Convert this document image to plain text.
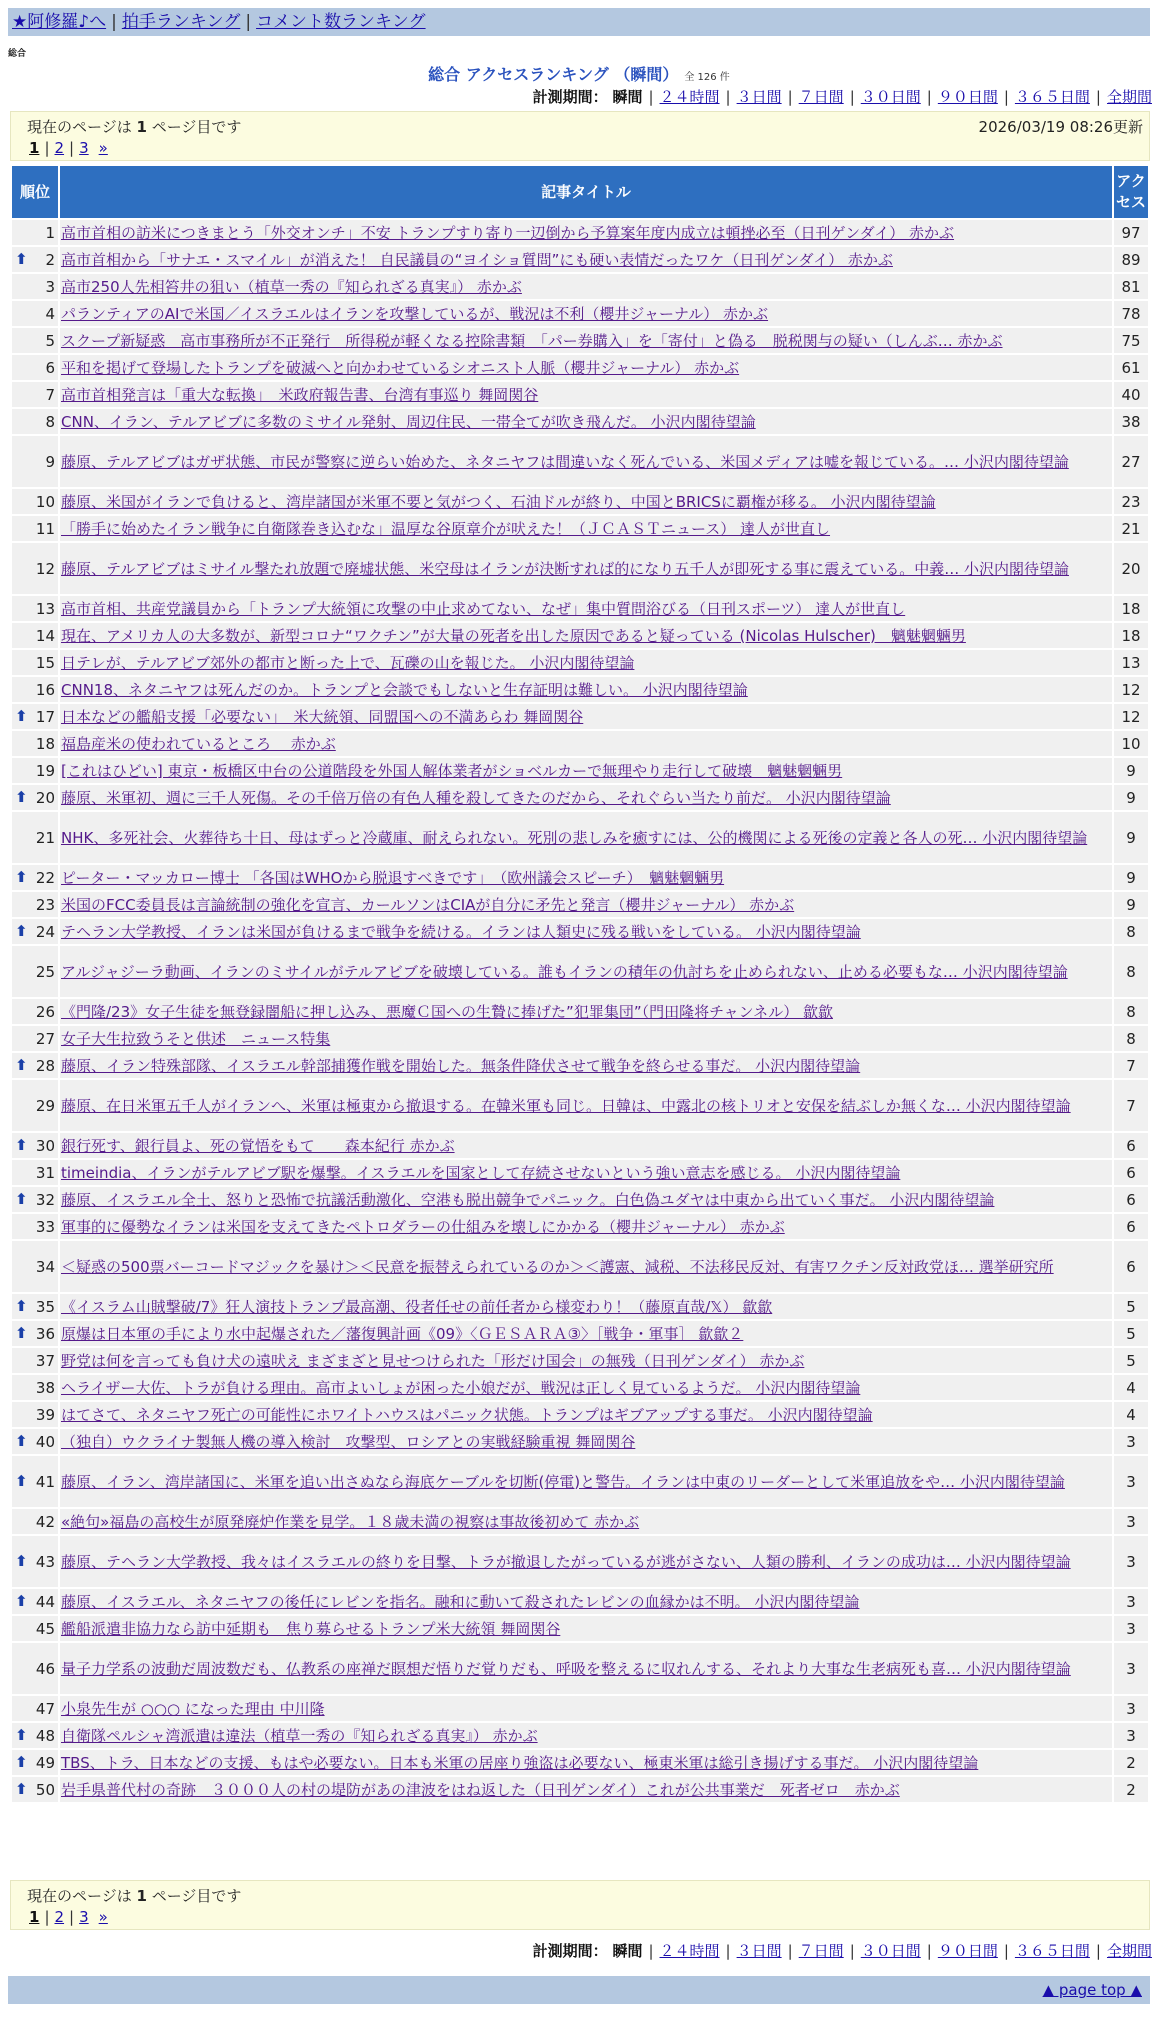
★阿修羅♪へ | 拍手ランキング | コメント数ランキング
総合
総合 アクセスランキング （瞬間） 全 126 件
計測期間： 瞬間 | ２４時間 | ３日間 | ７日間 | ３０日間 | ９０日間 | ３６５日間 | 全期間
現在のページは 1 ページ目です	2026/03/19 08:26更新
1 | 2 | 3 »
順位	記事タイトル	アクセス
1	高市首相の訪米につきまとう「外交オンチ」不安 トランプすり寄り一辺倒から予算案年度内成立は頓挫必至（日刊ゲンダイ） 赤かぶ	97

⬆ 2	高市首相から「サナエ・スマイル」が消えた！ 自民議員の“ヨイショ質問”にも硬い表情だったワケ（日刊ゲンダイ） 赤かぶ	89
3	高市250人先相笞井の狙い（植草一秀の『知られざる真実』） 赤かぶ	81
4	パランティアのAIで米国／イスラエルはイランを攻撃しているが、戦況は不利（櫻井ジャーナル） 赤かぶ	78
5	スクープ新疑惑　高市事務所が不正発行　所得税が軽くなる控除書類　「パー券購入」を「寄付」と偽る　脱税関与の疑い（しんぶ… 赤かぶ	75
6	平和を掲げて登場したトランプを破滅へと向かわせているシオニスト人脈（櫻井ジャーナル） 赤かぶ	61
7	高市首相発言は「重大な転換」　米政府報告書、台湾有事巡り 舞岡関谷	40
8	CNN、イラン、テルアビブに多数のミサイル発射、周辺住民、一帯全てが吹き飛んだ。 小沢内閣待望論	38
9	藤原、テルアビブはガザ状態、市民が警察に逆らい始めた、ネタニヤフは間違いなく死んでいる、米国メディアは嘘を報じている。… 小沢内閣待望論	27
10	藤原、米国がイランで負けると、湾岸諸国が米軍不要と気がつく、石油ドルが終り、中国とBRICSに覇権が移る。 小沢内閣待望論	23
11	「勝手に始めたイラン戦争に自衛隊巻き込むな」温厚な谷原章介が吠えた！（ＪＣＡＳＴニュース） 達人が世直し	21
12	藤原、テルアビブはミサイル撃たれ放題で廃墟状態、米空母はイランが決断すれば的になり五千人が即死する事に震えている。中義… 小沢内閣待望論	20
13	高市首相、共産党議員から「トランプ大統領に攻撃の中止求めてない、なぜ」集中質問浴びる（日刊スポーツ） 達人が世直し	18
14	現在、アメリカ人の大多数が、新型コロナ“ワクチン”が大量の死者を出した原因であると疑っている (Nicolas Hulscher)　魑魅魍魎男	18
15	日テレが、テルアビブ郊外の都市と断った上で、瓦礫の山を報じた。 小沢内閣待望論	13
16	CNN18、ネタニヤフは死んだのか。トランプと会談でもしないと生存証明は難しい。 小沢内閣待望論	12

⬆ 17	日本などの艦船支援「必要ない」　米大統領、同盟国への不満あらわ 舞岡関谷	12
18	福島産米の使われているところ　 赤かぶ	10
19	[これはひどい] 東京・板橋区中台の公道階段を外国人解体業者がショベルカーで無理やり走行して破壊　魑魅魍魎男	9

⬆ 20	藤原、米軍初、週に三千人死傷。その千倍万倍の有色人種を殺してきたのだから、それぐらい当たり前だ。 小沢内閣待望論	9
21	NHK、多死社会、火葬待ち十日、母はずっと冷蔵庫、耐えられない。死別の悲しみを癒すには、公的機関による死後の定義と各人の死… 小沢内閣待望論	9

⬆ 22	ピーター・マッカロー博士 「各国はWHOから脱退すべきです」　（欧州議会スピーチ）　魑魅魍魎男	9
23	米国のFCC委員長は言論統制の強化を宣言、カールソンはCIAが自分に矛先と発言（櫻井ジャーナル） 赤かぶ	9

⬆ 24	テヘラン大学教授、イランは米国が負けるまで戦争を続ける。イランは人類史に残る戦いをしている。 小沢内閣待望論	8
25	アルジャジーラ動画、イランのミサイルがテルアビブを破壊している。誰もイランの積年の仇討ちを止められない、止める必要もな… 小沢内閣待望論	8
26	《門隆/23》女子生徒を無登録闇船に押し込み、悪魔Ｃ国への生贄に捧げた”犯罪集団”（門田隆将チャンネル） 歙歙	8
27	女子大生拉致うそと供述　ニュース特集	8

⬆ 28	藤原、イラン特殊部隊、イスラエル幹部捕獲作戦を開始した。無条件降伏させて戦争を終らせる事だ。 小沢内閣待望論	7
29	藤原、在日米軍五千人がイランへ、米軍は極東から撤退する。在韓米軍も同じ。日韓は、中露北の核トリオと安保を結ぶしか無くな… 小沢内閣待望論	7

⬆ 30	銀行死す、銀行員よ、死の覚悟をもて　　森本紀行 赤かぶ	6
31	timeindia、イランがテルアビブ駅を爆撃。イスラエルを国家として存続させないという強い意志を感じる。 小沢内閣待望論	6

⬆ 32	藤原、イスラエル全土、怒りと恐怖で抗議活動激化、空港も脱出競争でパニック。白色偽ユダヤは中東から出ていく事だ。 小沢内閣待望論	6
33	軍事的に優勢なイランは米国を支えてきたペトロダラーの仕組みを壊しにかかる（櫻井ジャーナル） 赤かぶ	6
34	＜疑惑の500票バーコードマジックを暴け＞＜民意を振替えられているのか＞＜護憲、減税、不法移民反対、有害ワクチン反対政党ほ… 選挙研究所	6

⬆ 35	《イスラム山賊撃破/7》狂人演技トランプ最高潮、役者任せの前任者から様変わり！（藤原直哉/𝕏） 歙歙	5

⬆ 36	原爆は日本軍の手により水中起爆された／藩復興計画《09》〈ＧＥＳＡＲＡ③〉［戦争・軍事］ 歙歙２	5
37	野党は何を言っても負け犬の遠吠え まざまざと見せつけられた「形だけ国会」の無残（日刊ゲンダイ） 赤かぶ	5
38	ヘライザー大佐、トラが負ける理由。高市よいしょが困った小娘だが、戦況は正しく見ているようだ。 小沢内閣待望論	4
39	はてさて、ネタニヤフ死亡の可能性にホワイトハウスはパニック状態。トランプはギブアップする事だ。 小沢内閣待望論	4

⬆ 40	（独自）ウクライナ製無人機の導入検討　攻撃型、ロシアとの実戦経験重視 舞岡関谷	3

⬆ 41	藤原、イラン、湾岸諸国に、米軍を追い出さぬなら海底ケーブルを切断(停電)と警告。イランは中東のリーダーとして米軍追放をや… 小沢内閣待望論	3
42	«絶句»福島の高校生が原発廃炉作業を見学。１８歳未満の視察は事故後初めて 赤かぶ	3

⬆ 43	藤原、テヘラン大学教授、我々はイスラエルの終りを目撃、トラが撤退したがっているが逃がさない、人類の勝利、イランの成功は… 小沢内閣待望論	3

⬆ 44	藤原、イスラエル、ネタニヤフの後任にレビンを指名。融和に動いて殺されたレビンの血縁かは不明。 小沢内閣待望論	3
45	艦船派遣非協力なら訪中延期も　焦り募らせるトランプ米大統領 舞岡関谷	3
46	量子力学系の波動だ周波数だも、仏教系の座禅だ瞑想だ悟りだ覚りだも、呼吸を整えるに収れんする、それより大事な生老病死も喜… 小沢内閣待望論	3
47	小泉先生が ○○○ になった理由 中川隆	3

⬆ 48	自衛隊ペルシャ湾派遣は違法（植草一秀の『知られざる真実』） 赤かぶ	3

⬆ 49	TBS、トラ、日本などの支援、もはや必要ない。日本も米軍の居座り強盗は必要ない、極東米軍は総引き揚げする事だ。 小沢内閣待望論	2

⬆ 50	岩手県普代村の奇跡　３０００人の村の堤防があの津波をはね返した（日刊ゲンダイ）これが公共事業だ　死者ゼロ　赤かぶ	2
計測期間： 瞬間 | ２４時間 | ３日間 | ７日間 | ３０日間 | ９０日間 | ３６５日間 | 全期間
現在のページは 1 ページ目です
1 | 2 | 3 »
▲ page top ▲
